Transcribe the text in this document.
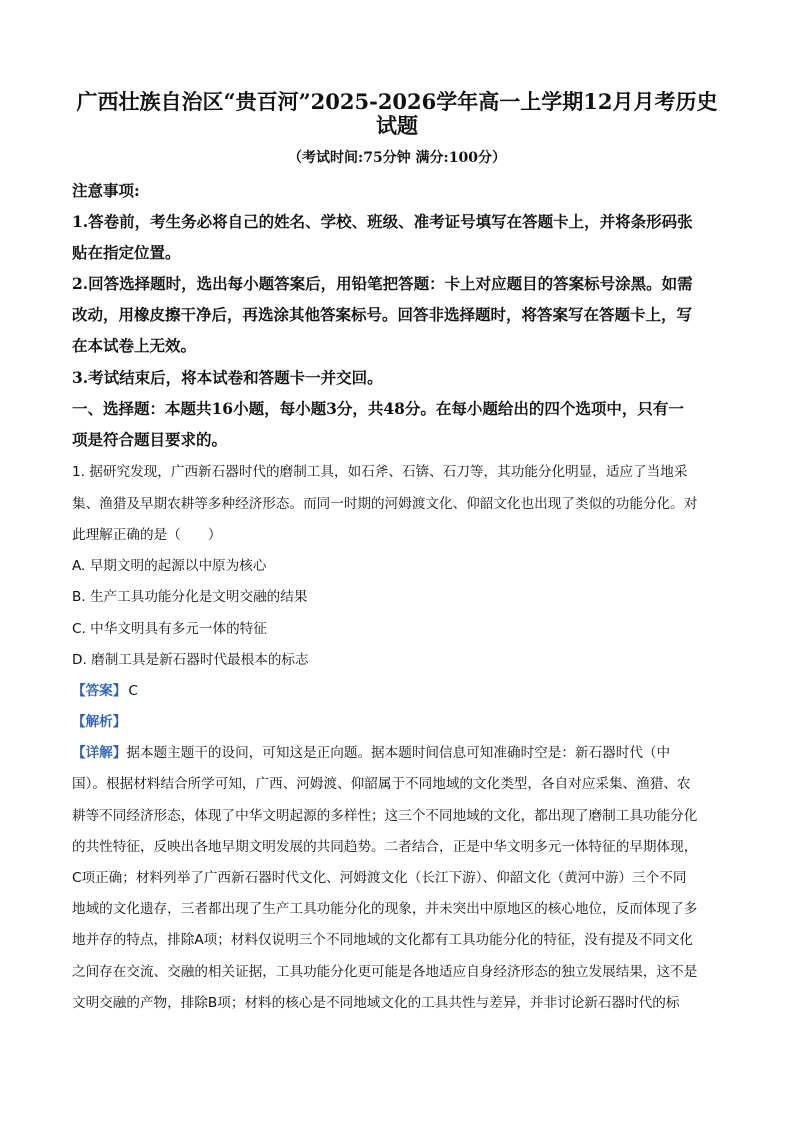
广西壮族自治区“贵百河”2025-2026学年高一上学期12月月考历史
试题
（考试时间:75分钟 满分:100分）
注意事项:
1.答卷前，考生务必将自己的姓名、学校、班级、准考证号填写在答题卡上，并将条形码张
贴在指定位置。
2.回答选择题时，选出每小题答案后，用铅笔把答题：卡上对应题目的答案标号涂黑。如需
改动，用橡皮擦干净后，再选涂其他答案标号。回答非选择题时，将答案写在答题卡上，写
在本试卷上无效。
3.考试结束后，将本试卷和答题卡一并交回。
一、选择题：本题共16小题，每小题3分，共48分。在每小题给出的四个选项中，只有一
项是符合题目要求的。
1. 据研究发现，广西新石器时代的磨制工具，如石斧、石锛、石刀等，其功能分化明显，适应了当地采
集、渔猎及早期农耕等多种经济形态。而同一时期的河姆渡文化、仰韶文化也出现了类似的功能分化。对
此理解正确的是（　　）
A. 早期文明的起源以中原为核心
B. 生产工具功能分化是文明交融的结果
C. 中华文明具有多元一体的特征
D. 磨制工具是新石器时代最根本的标志
【答案】 C
【解析】
【详解】据本题主题干的设问，可知这是正向题。据本题时间信息可知准确时空是：新石器时代（中
国）。根据材料结合所学可知，广西、河姆渡、仰韶属于不同地域的文化类型，各自对应采集、渔猎、农
耕等不同经济形态，体现了中华文明起源的多样性；这三个不同地域的文化，都出现了磨制工具功能分化
的共性特征，反映出各地早期文明发展的共同趋势。二者结合，正是中华文明多元一体特征的早期体现，
C项正确；材料列举了广西新石器时代文化、河姆渡文化（长江下游）、仰韶文化（黄河中游）三个不同
地域的文化遗存，三者都出现了生产工具功能分化的现象，并未突出中原地区的核心地位，反而体现了多
地并存的特点，排除A项；材料仅说明三个不同地域的文化都有工具功能分化的特征，没有提及不同文化
之间存在交流、交融的相关证据，工具功能分化更可能是各地适应自身经济形态的独立发展结果，这不是
文明交融的产物，排除B项；材料的核心是不同地域文化的工具共性与差异，并非讨论新石器时代的标
